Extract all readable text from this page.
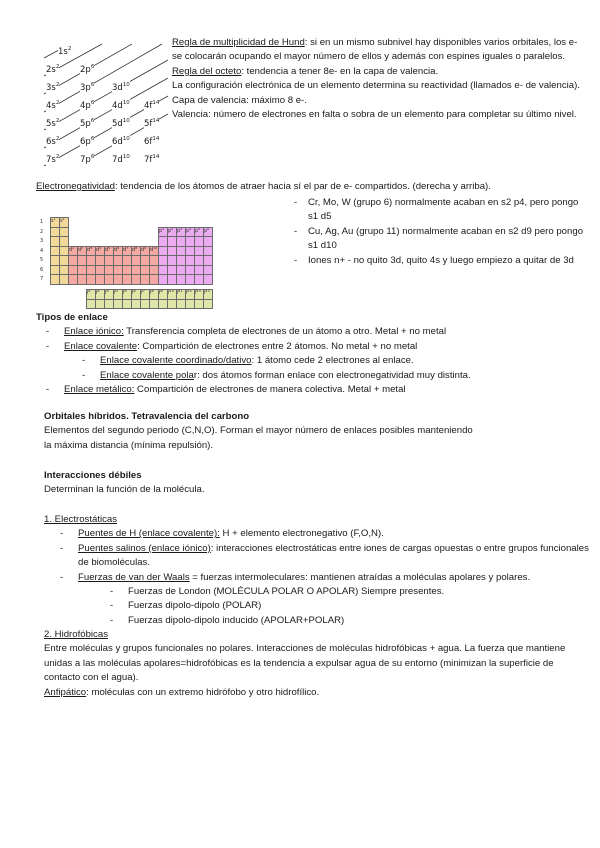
$1s^2$
$2s^2$ $2p^6$
$3s^2$ $3p^6$ $3d^{10}$
$4s^2$ $4p^6$ $4d^{10}$ $4f^{14}$
$5s^2$ $5p^6$ $5d^{10}$ $5f^{14}$
$6s^2$ $6p^6$ $6d^{10}$ $6f^{14}$
$7s^2$ $7p^6$ $7d^{10}$ $7f^{14}$

Regla de multiplicidad de Hund: si en un mismo subnivel hay disponibles varios orbitales, los e- se colocarán ocupando el mayor número de ellos y además con espines iguales o paralelos.

Regla del octeto: tendencia a tener 8e- en la capa de valencia.

La configuración electrónica de un elemento determina su reactividad (llamados e- de valencia).

Capa de valencia: máximo 8 e-.

Valencia: número de electrones en falta o sobra de un elemento para completar su último nivel.

Electronegatividad: tendencia de los átomos de atraer hacia sí el par de e- compartidos. (derecha y arriba).

1
2
3
4
5
6
7
s¹ s²
d¹ d² d³ d⁴ d⁵ d⁶ d⁷ d⁸ d⁹ d¹⁰
p¹ p² p³ p⁴ p⁵ p⁶
f¹ f² f³ f⁴ f⁵ f⁶ f⁷ f⁸ f⁹ f¹⁰ f¹¹ f¹² f¹³ f¹⁴
- Cr, Mo, W (grupo 6) normalmente acaban en s2 p4, pero pongo s1 d5
- Cu, Ag, Au (grupo 11) normalmente acaban en s2 d9 pero pongo s1 d10
- Iones n+ - no quito 3d, quito 4s y luego empiezo a quitar de 3d

Tipos de enlace

- Enlace iónico: Transferencia completa de electrones de un átomo a otro. Metal + no metal
- Enlace covalente: Compartición de electrones entre 2 átomos. No metal + no metal
- Enlace covalente coordinado/dativo: 1 átomo cede 2 electrones al enlace.
- Enlace covalente polar: dos átomos forman enlace con electronegatividad muy distinta.
- Enlace metálico: Compartición de electrones de manera colectiva. Metal + metal

Orbitales híbridos. Tetravalencia del carbono

Elementos del segundo periodo (C,N,O). Forman el mayor número de enlaces posibles manteniendo

la máxima distancia (mínima repulsión).

Interacciones débiles

Determinan la función de la molécula.

1. Electrostáticas

- Puentes de H (enlace covalente): H + elemento electronegativo (F,O,N).
- Puentes salinos (enlace iónico): interacciones electrostáticas entre iones de cargas opuestas o entre grupos funcionales de biomoléculas.
- Fuerzas de van der Waals = fuerzas intermoleculares: mantienen atraídas a moléculas apolares y polares.
- Fuerzas de London (MOLÉCULA POLAR O APOLAR) Siempre presentes.
- Fuerzas dipolo-dipolo (POLAR)
- Fuerzas dipolo-dipolo inducido (APOLAR+POLAR)

2. Hidrofóbicas

Entre moléculas y grupos funcionales no polares. Interacciones de moléculas hidrofóbicas + agua. La fuerza que mantiene unidas a las moléculas apolares=hidrofóbicas es la tendencia a expulsar agua de su entorno (minimizan la superficie de contacto con el agua).

Anfipático: moléculas con un extremo hidrófobo y otro hidrofílico.
